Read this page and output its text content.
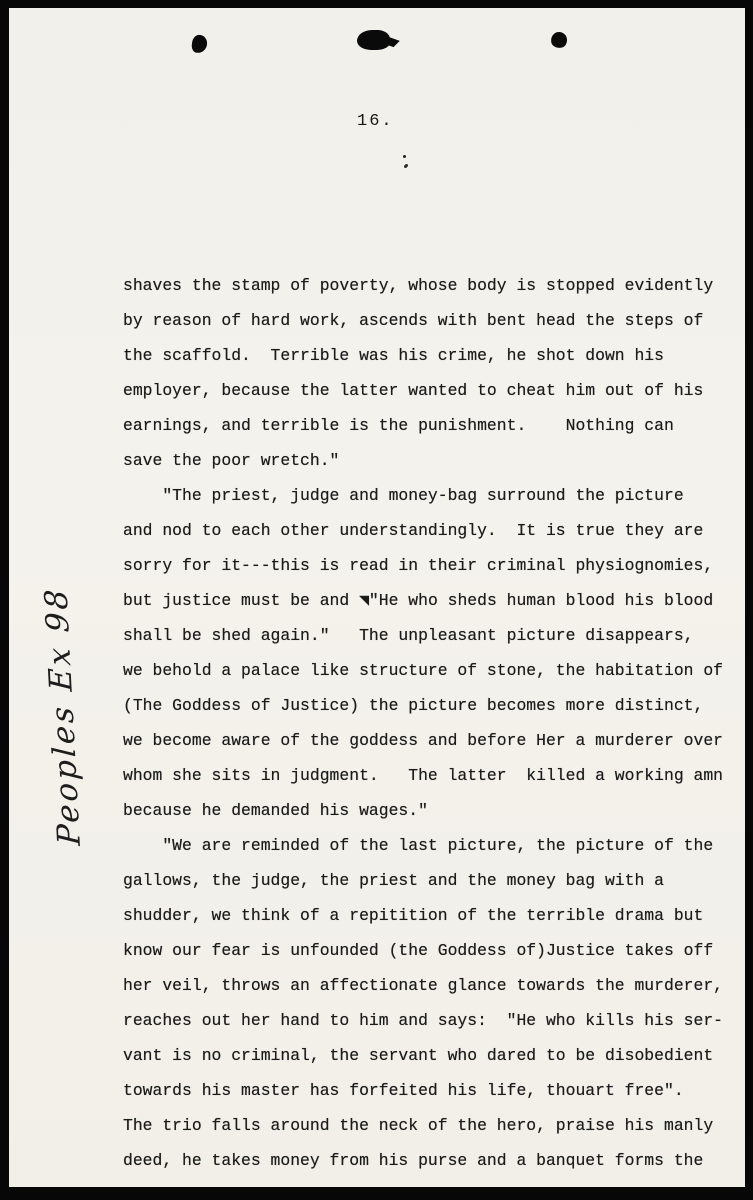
16.
Peoples Ex 98
shaves the stamp of poverty, whose body is stopped evidently
by reason of hard work, ascends with bent head the steps of
the scaffold.  Terrible was his crime, he shot down his
employer, because the latter wanted to cheat him out of his
earnings, and terrible is the punishment.    Nothing can
save the poor wretch."
"The priest, judge and money-bag surround the picture
and nod to each other understandingly.  It is true they are
sorry for it---this is read in their criminal physiognomies,
but justice must be and ◥"He who sheds human blood his blood
shall be shed again."   The unpleasant picture disappears,
we behold a palace like structure of stone, the habitation of
(The Goddess of Justice) the picture becomes more distinct,
we become aware of the goddess and before Her a murderer over
whom she sits in judgment.   The latter  killed a working amn
because he demanded his wages."
"We are reminded of the last picture, the picture of the
gallows, the judge, the priest and the money bag with a
shudder, we think of a repitition of the terrible drama but
know our fear is unfounded (the Goddess of)Justice takes off
her veil, throws an affectionate glance towards the murderer,
reaches out her hand to him and says:  "He who kills his ser-
vant is no criminal, the servant who dared to be disobedient
towards his master has forfeited his life, thouart free".
The trio falls around the neck of the hero, praise his manly
deed, he takes money from his purse and a banquet forms the
